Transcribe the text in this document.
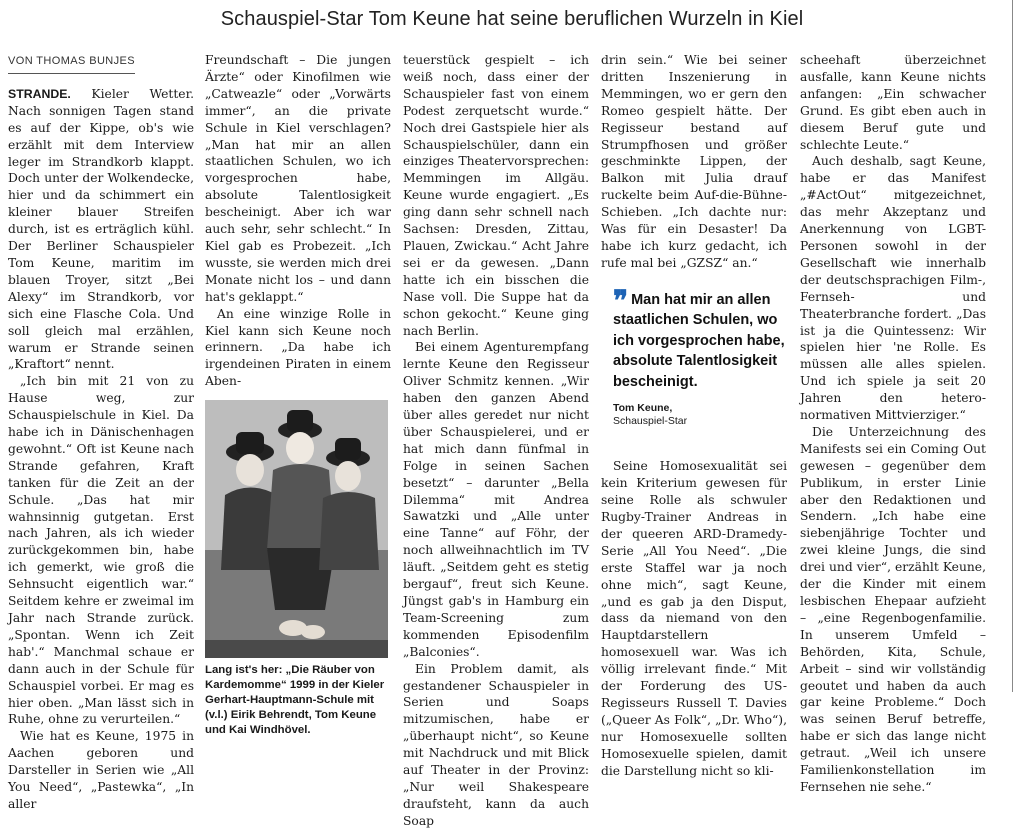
Schauspiel-Star Tom Keune hat seine beruflichen Wurzeln in Kiel
VON THOMAS BUNJES

STRANDE. Kieler Wetter. Nach sonnigen Tagen stand es auf der Kippe, ob's wie erzählt mit dem Interview leger im Strandkorb klappt. Doch unter der Wolkendecke, hier und da schimmert ein kleiner blauer Streifen durch, ist es erträglich kühl. Der Berliner Schauspieler Tom Keune, maritim im blauen Troyer, sitzt „Bei Alexy“ im Strandkorb, vor sich eine Flasche Cola. Und soll gleich mal erzählen, warum er Strande seinen „Kraftort“ nennt.

„Ich bin mit 21 von zu Hause weg, zur Schauspielschule in Kiel. Da habe ich in Dänischenhagen gewohnt.“ Oft ist Keune nach Strande gefahren, Kraft tanken für die Zeit an der Schule. „Das hat mir wahnsinnig gutgetan. Erst nach Jahren, als ich wieder zurückgekommen bin, habe ich gemerkt, wie groß die Sehnsucht eigentlich war.“ Seitdem kehre er zweimal im Jahr nach Strande zurück. „Spontan. Wenn ich Zeit hab'.“ Manchmal schaue er dann auch in der Schule für Schauspiel vorbei. Er mag es hier oben. „Man lässt sich in Ruhe, ohne zu verurteilen.“

Wie hat es Keune, 1975 in Aachen geboren und Darsteller in Serien wie „All You Need“, „Pastewka“, „In aller

Freundschaft – Die jungen Ärzte“ oder Kinofilmen wie „Catweazle“ oder „Vorwärts immer“, an die private Schule in Kiel verschlagen? „Man hat mir an allen staatlichen Schulen, wo ich vorgesprochen habe, absolute Talentlosigkeit bescheinigt. Aber ich war auch sehr, sehr schlecht.“ In Kiel gab es Probezeit. „Ich wusste, sie werden mich drei Monate nicht los – und dann hat's geklappt.“

An eine winzige Rolle in Kiel kann sich Keune noch erinnern. „Da habe ich irgendeinen Piraten in einem Aben-

Lang ist's her: „Die Räuber von Kardemomme“ 1999 in der Kieler Gerhart-Hauptmann-Schule mit (v.l.) Eirik Behrendt, Tom Keune und Kai Windhövel.

teuerstück gespielt – ich weiß noch, dass einer der Schauspieler fast von einem Podest zerquetscht wurde.“ Noch drei Gastspiele hier als Schauspielschüler, dann ein einziges Theatervorsprechen: Memmingen im Allgäu. Keune wurde engagiert. „Es ging dann sehr schnell nach Sachsen: Dresden, Zittau, Plauen, Zwickau.“ Acht Jahre sei er da gewesen. „Dann hatte ich ein bisschen die Nase voll. Die Suppe hat da schon gekocht.“ Keune ging nach Berlin.

Bei einem Agenturempfang lernte Keune den Regisseur Oliver Schmitz kennen. „Wir haben den ganzen Abend über alles geredet nur nicht über Schauspielerei, und er hat mich dann fünfmal in Folge in seinen Sachen besetzt“ – darunter „Bella Dilemma“ mit Andrea Sawatzki und „Alle unter eine Tanne“ auf Föhr, der noch allweihnachtlich im TV läuft. „Seitdem geht es stetig bergauf“, freut sich Keune. Jüngst gab's in Hamburg ein Team-Screening zum kommenden Episodenfilm „Balconies“.

Ein Problem damit, als gestandener Schauspieler in Serien und Soaps mitzumischen, habe er „überhaupt nicht“, so Keune mit Nachdruck und mit Blick auf Theater in der Provinz: „Nur weil Shakespeare draufsteht, kann da auch Soap

drin sein.“ Wie bei seiner dritten Inszenierung in Memmingen, wo er gern den Romeo gespielt hätte. Der Regisseur bestand auf Strumpfhosen und größer geschminkte Lippen, der Balkon mit Julia drauf ruckelte beim Auf-die-Bühne-Schieben. „Ich dachte nur: Was für ein Desaster! Da habe ich kurz gedacht, ich rufe mal bei „GZSZ“ an.“

❞ Man hat mir an allen staatlichen Schulen, wo ich vorgesprochen habe, absolute Talentlosigkeit bescheinigt.
Tom Keune,
Schauspiel-Star

Seine Homosexualität sei kein Kriterium gewesen für seine Rolle als schwuler Rugby-Trainer Andreas in der queeren ARD-Dramedy-Serie „All You Need“. „Die erste Staffel war ja noch ohne mich“, sagt Keune, „und es gab ja den Disput, dass da niemand von den Hauptdarstellern homosexuell war. Was ich völlig irrelevant finde.“ Mit der Forderung des US-Regisseurs Russell T. Davies („Queer As Folk“, „Dr. Who“), nur Homosexuelle sollten Homosexuelle spielen, damit die Darstellung nicht so kli-

scheehaft überzeichnet ausfalle, kann Keune nichts anfangen: „Ein schwacher Grund. Es gibt eben auch in diesem Beruf gute und schlechte Leute.“

Auch deshalb, sagt Keune, habe er das Manifest „#ActOut“ mitgezeichnet, das mehr Akzeptanz und Anerkennung von LGBT-Personen sowohl in der Gesellschaft wie innerhalb der deutschsprachigen Film-, Fernseh- und Theaterbranche fordert. „Das ist ja die Quintessenz: Wir spielen hier 'ne Rolle. Es müssen alle alles spielen. Und ich spiele ja seit 20 Jahren den hetero-normativen Mittvierziger.“

Die Unterzeichnung des Manifests sei ein Coming Out gewesen – gegenüber dem Publikum, in erster Linie aber den Redaktionen und Sendern. „Ich habe eine siebenjährige Tochter und zwei kleine Jungs, die sind drei und vier“, erzählt Keune, der die Kinder mit einem lesbischen Ehepaar aufzieht – „eine Regenbogenfamilie. In unserem Umfeld – Behörden, Kita, Schule, Arbeit – sind wir vollständig geoutet und haben da auch gar keine Probleme.“ Doch was seinen Beruf betreffe, habe er sich das lange nicht getraut. „Weil ich unsere Familienkonstellation im Fernsehen nie sehe.“
